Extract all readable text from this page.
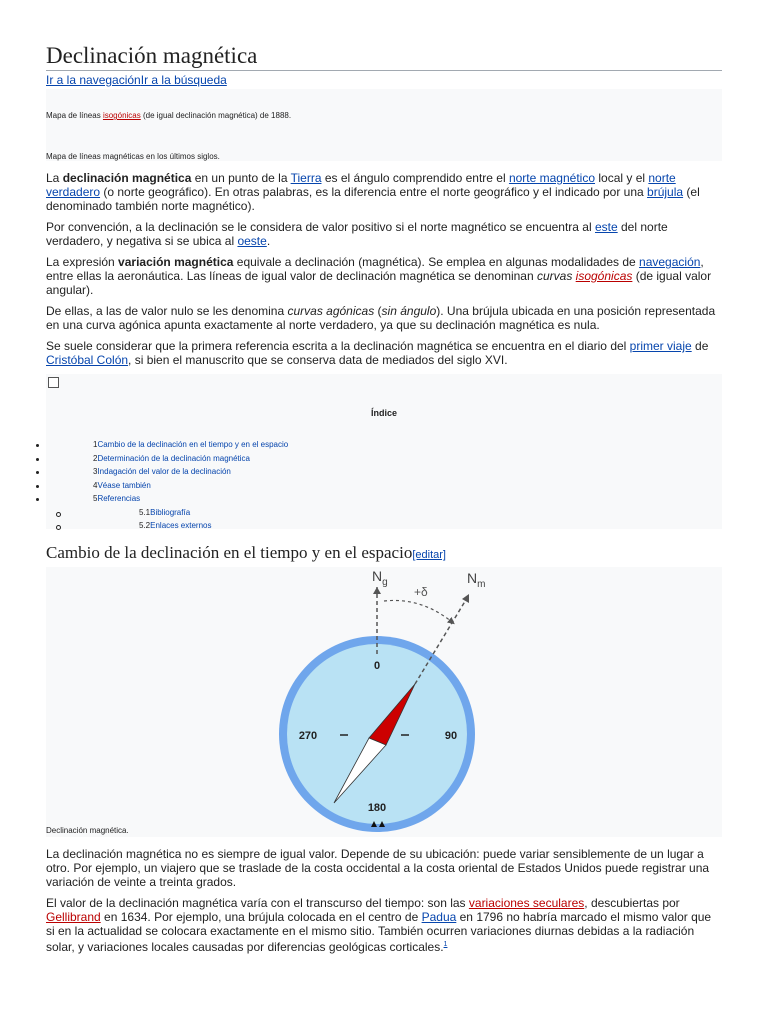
Declinación magnética
Ir a la navegaciónIr a la búsqueda
Mapa de líneas isogónicas (de igual declinación magnética) de 1888.
Mapa de líneas magnéticas en los últimos siglos.

La declinación magnética en un punto de la Tierra es el ángulo comprendido entre el norte magnético local y el norte verdadero (o norte geográfico). En otras palabras, es la diferencia entre el norte geográfico y el indicado por una brújula (el denominado también norte magnético).

Por convención, a la declinación se le considera de valor positivo si el norte magnético se encuentra al este del norte verdadero, y negativa si se ubica al oeste.

La expresión variación magnética equivale a declinación (magnética). Se emplea en algunas modalidades de navegación, entre ellas la aeronáutica. Las líneas de igual valor de declinación magnética se denominan curvas isogónicas (de igual valor angular).

De ellas, a las de valor nulo se les denomina curvas agónicas (sin ángulo). Una brújula ubicada en una posición representada en una curva agónica apunta exactamente al norte verdadero, ya que su declinación magnética es nula.

Se suele considerar que la primera referencia escrita a la declinación magnética se encuentra en el diario del primer viaje de Cristóbal Colón, si bien el manuscrito que se conserva data de mediados del siglo XVI.

Índice
Cambio de la declinación en el tiempo y en el espacio[editar]
$N_g$	$N_m$
+δ
0
90
180
270
Declinación magnética.

La declinación magnética no es siempre de igual valor. Depende de su ubicación: puede variar sensiblemente de un lugar a otro. Por ejemplo, un viajero que se traslade de la costa occidental a la costa oriental de Estados Unidos puede registrar una variación de veinte a treinta grados.

El valor de la declinación magnética varía con el transcurso del tiempo: son las variaciones seculares, descubiertas por Gellibrand en 1634. Por ejemplo, una brújula colocada en el centro de Padua en 1796 no habría marcado el mismo valor que si en la actualidad se colocara exactamente en el mismo sitio. También ocurren variaciones diurnas debidas a la radiación solar, y variaciones locales causadas por diferencias geológicas corticales.$^1$

1Cambio de la declinación en el tiempo y en el espacio
2Determinación de la declinación magnética
3Indagación del valor de la declinación
4Véase también
5Referencias
5.1Bibliografía
5.2Enlaces externos
